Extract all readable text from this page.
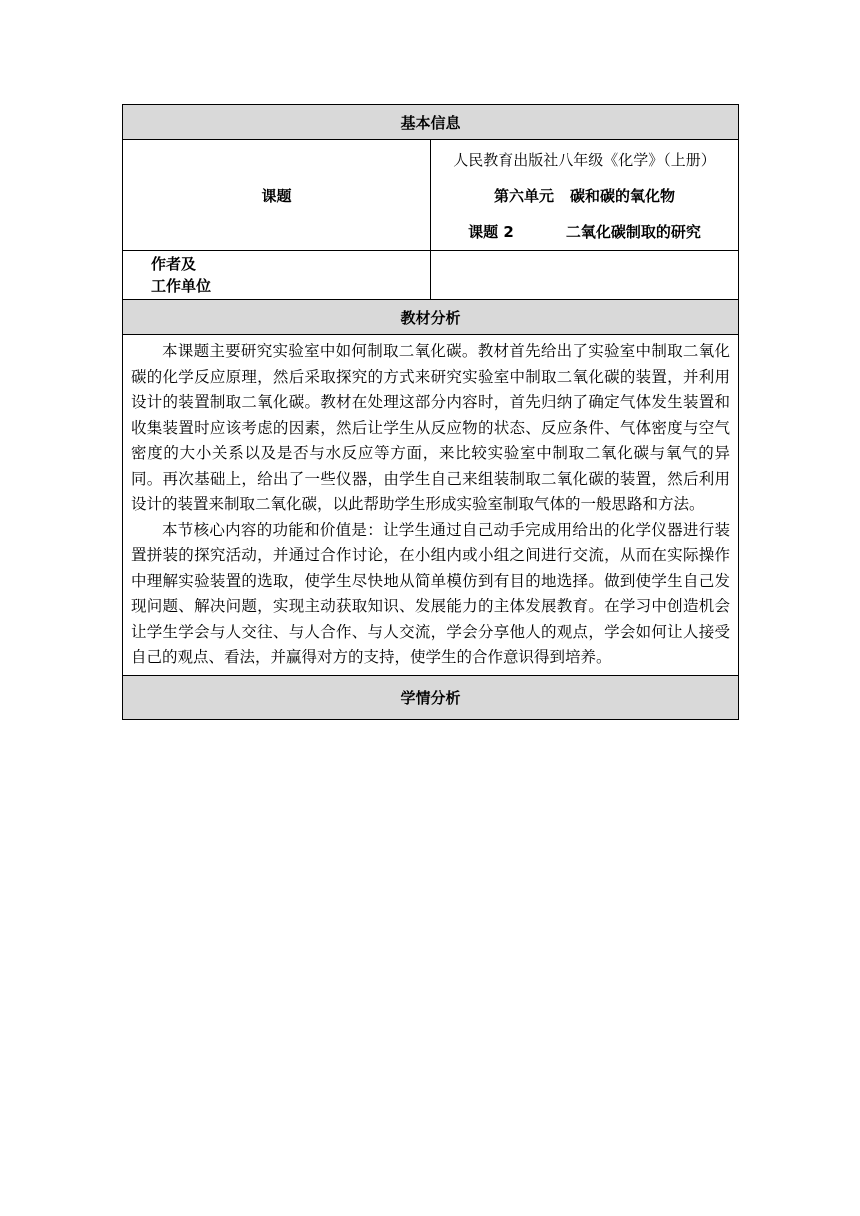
基本信息	
课题	人民教育出版社八年级《化学》（上册）
第六单元 碳和碳的氧化物
课题 2 二氧化碳制取的研究

作者及
工作单位	

教材分析	

本课题主要研究实验室中如何制取二氧化碳。教材首先给出了实验室中制取二氧化碳的化学反应原理，然后采取探究的方式来研究实验室中制取二氧化碳的装置，并利用设计的装置制取二氧化碳。教材在处理这部分内容时，首先归纳了确定气体发生装置和收集装置时应该考虑的因素，然后让学生从反应物的状态、反应条件、气体密度与空气密度的大小关系以及是否与水反应等方面，来比较实验室中制取二氧化碳与氧气的异同。再次基础上，给出了一些仪器，由学生自己来组装制取二氧化碳的装置，然后利用设计的装置来制取二氧化碳，以此帮助学生形成实验室制取气体的一般思路和方法。

本节核心内容的功能和价值是：让学生通过自己动手完成用给出的化学仪器进行装置拼装的探究活动，并通过合作讨论，在小组内或小组之间进行交流，从而在实际操作中理解实验装置的选取，使学生尽快地从简单模仿到有目的地选择。做到使学生自己发现问题、解决问题，实现主动获取知识、发展能力的主体发展教育。在学习中创造机会让学生学会与人交往、与人合作、与人交流，学会分享他人的观点，学会如何让人接受自己的观点、看法，并赢得对方的支持，使学生的合作意识得到培养。	

学情分析	
